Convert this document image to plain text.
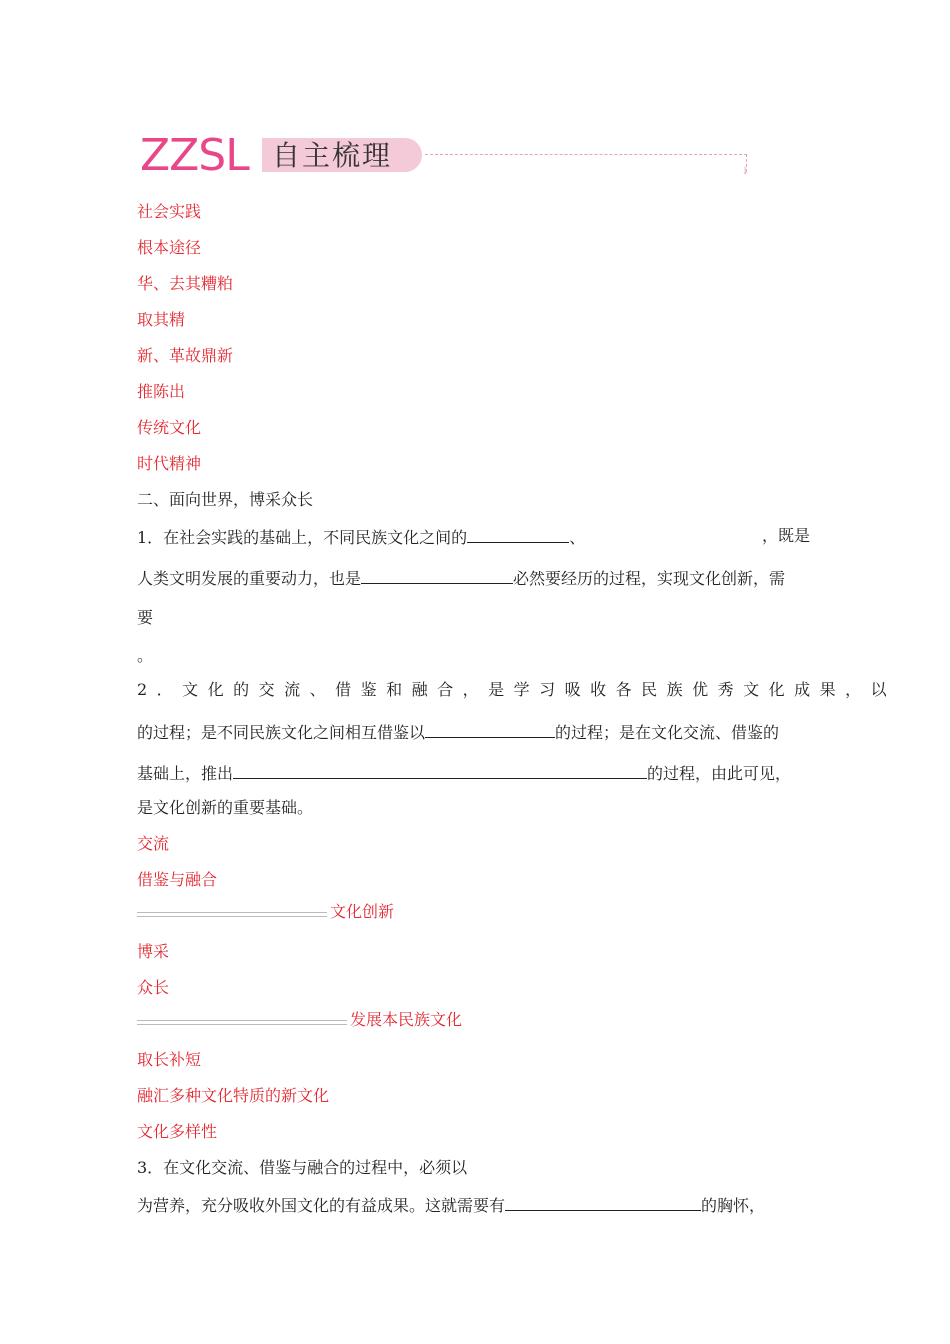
ZZSL 自主梳理	↓
社会实践
根本途径
华、去其糟粕
取其精
新、革故鼎新
推陈出
传统文化
时代精神
二、面向世界，博采众长
1．在社会实践的基础上，不同民族文化之间的	、	，既是
人类文明发展的重要动力，也是	必然要经历的过程，实现文化创新，需
要
。
2．文化的交流、借鉴和融合，是学习吸收各民族优秀文化成果，以
的过程；是不同民族文化之间相互借鉴以	的过程；是在文化交流、借鉴的
基础上，推出	的过程，由此可见，
是文化创新的重要基础。
交流
借鉴与融合
文化创新
博采
众长
发展本民族文化
取长补短
融汇多种文化特质的新文化
文化多样性
3．在文化交流、借鉴与融合的过程中，必须以
为营养，充分吸收外国文化的有益成果。这就需要有	的胸怀，
